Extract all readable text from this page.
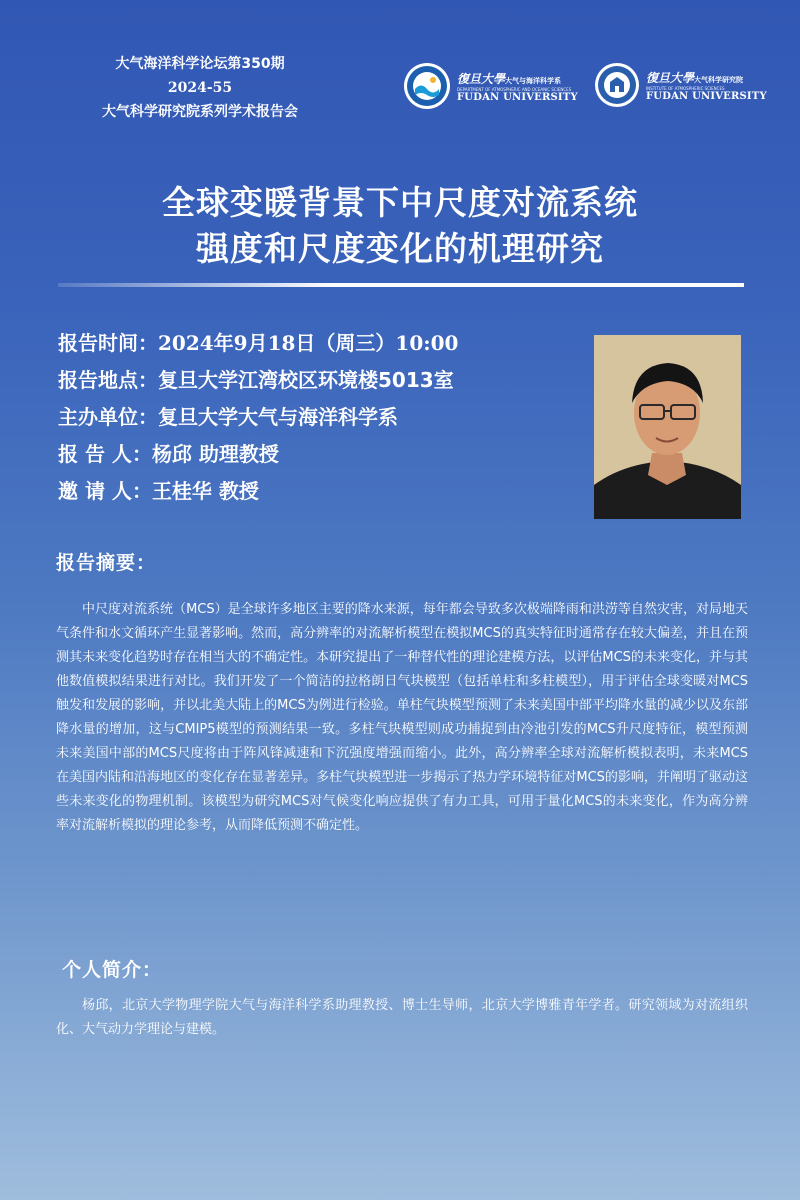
大气海洋科学论坛第350期
2024-55
大气科学研究院系列学术报告会
復旦大學大气与海洋科学系
DEPARTMENT OF ATMOSPHERIC AND OCEANIC SCIENCES
FUDAN UNIVERSITY
復旦大學大气科学研究院
INSTITUTE OF ATMOSPHERIC SCIENCES
FUDAN UNIVERSITY
全球变暖背景下中尺度对流系统
强度和尺度变化的机理研究
报告时间：2024年9月18日（周三）10:00
报告地点：复旦大学江湾校区环境楼5013室
主办单位：复旦大学大气与海洋科学系
报 告 人：杨邱 助理教授
邀 请 人：王桂华 教授
报告摘要：
中尺度对流系统（MCS）是全球许多地区主要的降水来源，每年都会导致多次极端降雨和洪涝等自然灾害，对局地天气条件和水文循环产生显著影响。然而，高分辨率的对流解析模型在模拟MCS的真实特征时通常存在较大偏差，并且在预测其未来变化趋势时存在相当大的不确定性。本研究提出了一种替代性的理论建模方法，以评估MCS的未来变化，并与其他数值模拟结果进行对比。我们开发了一个简洁的拉格朗日气块模型（包括单柱和多柱模型），用于评估全球变暖对MCS触发和发展的影响，并以北美大陆上的MCS为例进行检验。单柱气块模型预测了未来美国中部平均降水量的减少以及东部降水量的增加，这与CMIP5模型的预测结果一致。多柱气块模型则成功捕捉到由冷池引发的MCS升尺度特征，模型预测未来美国中部的MCS尺度将由于阵风锋减速和下沉强度增强而缩小。此外，高分辨率全球对流解析模拟表明，未来MCS在美国内陆和沿海地区的变化存在显著差异。多柱气块模型进一步揭示了热力学环境特征对MCS的影响，并阐明了驱动这些未来变化的物理机制。该模型为研究MCS对气候变化响应提供了有力工具，可用于量化MCS的未来变化，作为高分辨率对流解析模拟的理论参考，从而降低预测不确定性。
个人简介：
杨邱，北京大学物理学院大气与海洋科学系助理教授、博士生导师，北京大学博雅青年学者。研究领域为对流组织化、大气动力学理论与建模。
